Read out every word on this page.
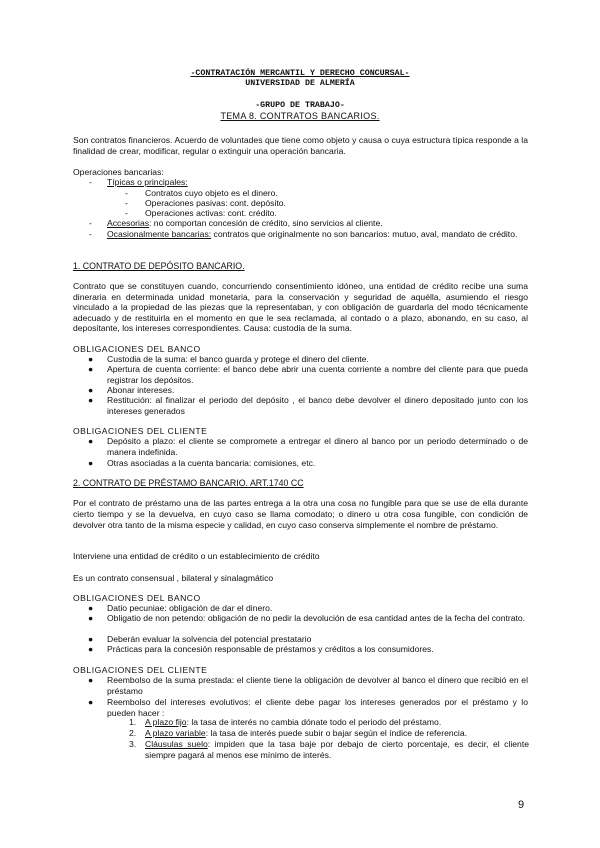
-CONTRATACIÓN MERCANTIL Y DERECHO CONCURSAL-
UNIVERSIDAD DE ALMERÍA
-GRUPO DE TRABAJO-
TEMA 8. CONTRATOS BANCARIOS.
Son contratos financieros. Acuerdo de voluntades que tiene como objeto y causa o cuya estructura típica responde a la finalidad de crear, modificar, regular o extinguir una operación bancaria.
Operaciones bancarias:
-	Típicas o principales:
- Contratos cuyo objeto es el dinero.
- Operaciones pasivas: cont. depósito.
- Operaciones activas: cont. crédito.
-	Accesorias: no comportan concesión de crédito, sino servicios al cliente.
-	Ocasionalmente bancarias: contratos que originalmente no son bancarios: mutuo, aval, mandato de crédito.
1. CONTRATO DE DEPÓSITO BANCARIO.
Contrato que se constituyen cuando, concurriendo consentimiento idóneo, una entidad de crédito recibe una suma dineraria en determinada unidad monetaria, para la conservación y seguridad de aquélla, asumiendo el riesgo vinculado a la propiedad de las piezas que la representaban, y con obligación de guardarla del modo técnicamente adecuado y de restituirla en el momento en que le sea reclamada, al contado o a plazo, abonando, en su caso, al depositante, los intereses correspondientes. Causa: custodia de la suma.
OBLIGACIONES DEL BANCO
●	Custodia de la suma: el banco guarda y protege el dinero del cliente.
●	Apertura de cuenta corriente: el banco debe abrir una cuenta corriente a nombre del cliente para que pueda registrar los depósitos.
●	Abonar intereses.
●	Restitución: al finalizar el periodo del depósito , el banco debe devolver el dinero depositado junto con los intereses generados
OBLIGACIONES DEL CLIENTE
●	Depósito a plazo: el cliente se compromete a entregar el dinero al banco por un periodo determinado o de manera indefinida.
●	Otras asociadas a la cuenta bancaria: comisiones, etc.
2. CONTRATO DE PRÉSTAMO BANCARIO. ART.1740 CC
Por el contrato de préstamo una de las partes entrega a la otra una cosa no fungible para que se use de ella durante cierto tiempo y se la devuelva, en cuyo caso se llama comodato; o dinero u otra cosa fungible, con condición de devolver otra tanto de la misma especie y calidad, en cuyo caso conserva simplemente el nombre de préstamo.
Interviene una entidad de crédito o un establecimiento de crédito
Es un contrato consensual , bilateral y sinalagmático
OBLIGACIONES DEL BANCO
●	Datio pecuniae: obligación de dar el dinero.
●	Obligatio de non petendo: obligación de no pedir la devolución de esa cantidad antes de la fecha del contrato.
●	Deberán evaluar la solvencia del potencial prestatario
●	Prácticas para la concesión responsable de préstamos y créditos a los consumidores.
OBLIGACIONES DEL CLIENTE
●	Reembolso de la suma prestada: el cliente tiene la obligación de devolver al banco el dinero que recibió en el préstamo
●	Reembolso del intereses evolutivos: el cliente debe pagar los intereses generados por el préstamo y lo pueden hacer :
1. A plazo fijo: la tasa de interés no cambia dónate todo el periodo del préstamo.
2. A plazo variable: la tasa de interés puede subir o bajar según el índice de referencia.
3. Cláusulas suelo: impiden que la tasa baje por debajo de cierto porcentaje, es decir, el cliente siempre pagará al menos ese mínimo de interés.
9
